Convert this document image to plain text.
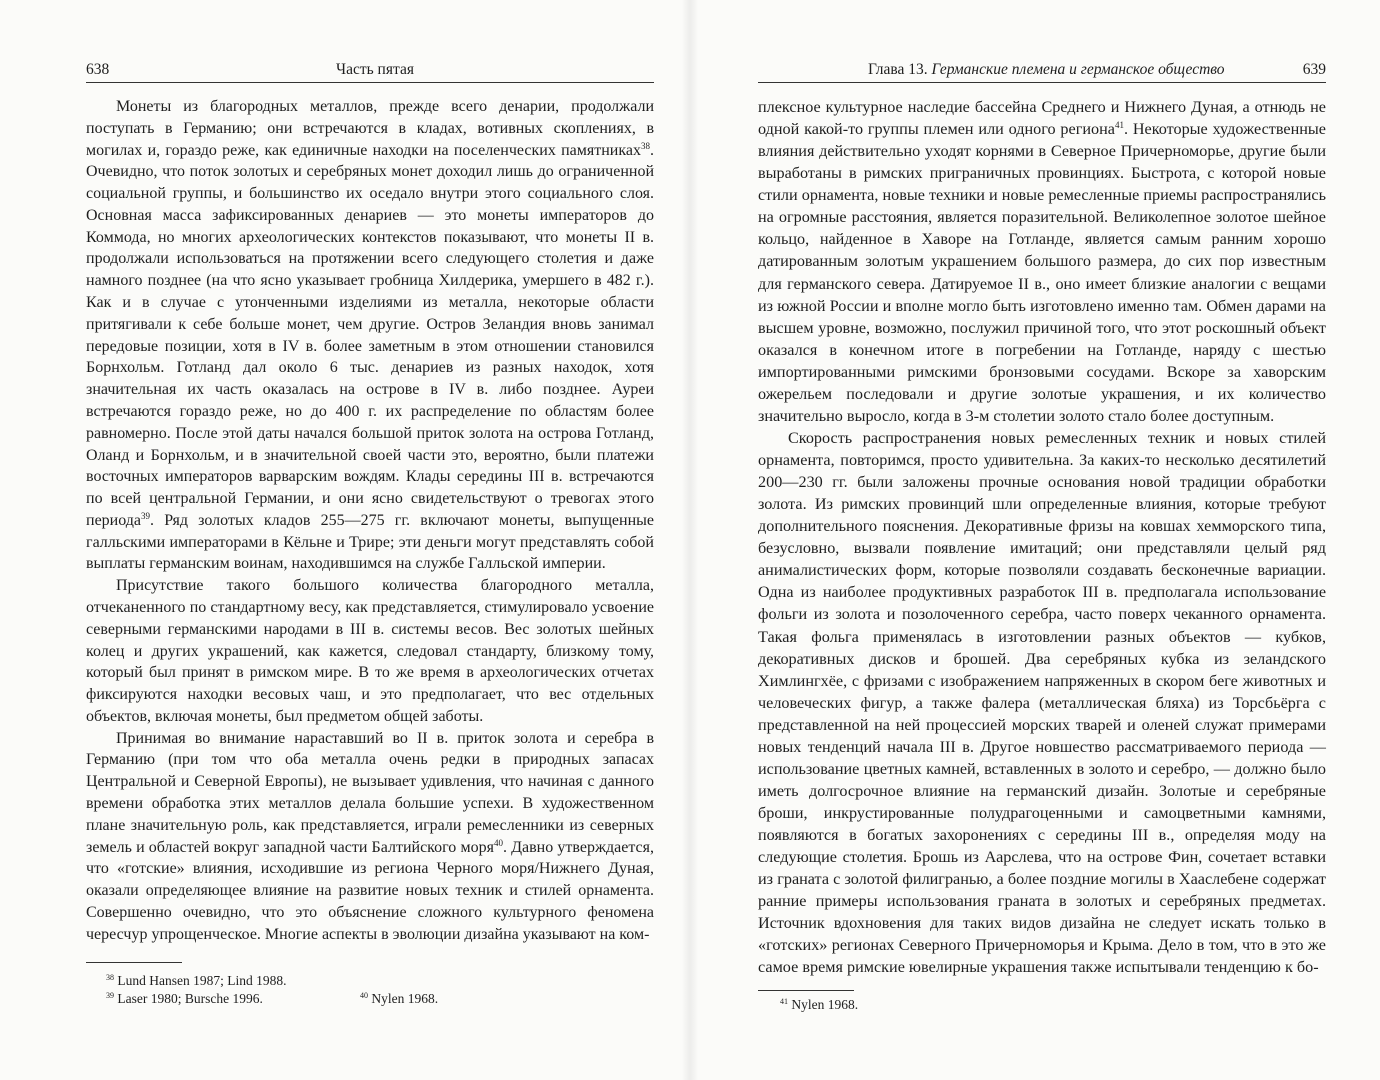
638	Часть пятая

Монеты из благородных металлов, прежде всего денарии, продолжали поступать в Германию; они встречаются в кладах, вотивных скоплениях, в могилах и, гораздо реже, как единичные находки на поселенческих памятниках$^{38}$. Очевидно, что поток золотых и серебряных монет доходил лишь до ограниченной социальной группы, и большинство их оседало внутри этого социального слоя. Основная масса зафиксированных денариев — это монеты императоров до Коммода, но многих археологических контекстов показывают, что монеты II в. продолжали использоваться на протяжении всего следующего столетия и даже намного позднее (на что ясно указывает гробница Хилдерика, умершего в 482 г.). Как и в случае с утонченными изделиями из металла, некоторые области притягивали к себе больше монет, чем другие. Остров Зеландия вновь занимал передовые позиции, хотя в IV в. более заметным в этом отношении становился Борнхольм. Готланд дал около 6 тыс. денариев из разных находок, хотя значительная их часть оказалась на острове в IV в. либо позднее. Ауреи встречаются гораздо реже, но до 400 г. их распределение по областям более равномерно. После этой даты начался большой приток золота на острова Готланд, Оланд и Борнхольм, и в значительной своей части это, вероятно, были платежи восточных императоров варварским вождям. Клады середины III в. встречаются по всей центральной Германии, и они ясно свидетельствуют о тревогах этого периода$^{39}$. Ряд золотых кладов 255—275 гг. включают монеты, выпущенные галльскими императорами в Кёльне и Трире; эти деньги могут представлять собой выплаты германским воинам, находившимся на службе Галльской империи.

Присутствие такого большого количества благородного металла, отчеканенного по стандартному весу, как представляется, стимулировало усвоение северными германскими народами в III в. системы весов. Вес золотых шейных колец и других украшений, как кажется, следовал стандарту, близкому тому, который был принят в римском мире. В то же время в археологических отчетах фиксируются находки весовых чаш, и это предполагает, что вес отдельных объектов, включая монеты, был предметом общей заботы.

Принимая во внимание нараставший во II в. приток золота и серебра в Германию (при том что оба металла очень редки в природных запасах Центральной и Северной Европы), не вызывает удивления, что начиная с данного времени обработка этих металлов делала большие успехи. В художественном плане значительную роль, как представляется, играли ремесленники из северных земель и областей вокруг западной части Балтийского моря$^{40}$. Давно утверждается, что «готские» влияния, исходившие из региона Черного моря/Нижнего Дуная, оказали определяющее влияние на развитие новых техник и стилей орнамента. Совершенно очевидно, что это объяснение сложного культурного феномена чересчур упрощенческое. Многие аспекты в эволюции дизайна указывают на ком-

$^{38}$ Lund Hansen 1987; Lind 1988.
$^{39}$ Laser 1980; Bursche 1996.	$^{40}$ Nylen 1968.
Глава 13. Германские племена и германское общество	639

плексное культурное наследие бассейна Среднего и Нижнего Дуная, а отнюдь не одной какой-то группы племен или одного региона$^{41}$. Некоторые художественные влияния действительно уходят корнями в Северное Причерноморье, другие были выработаны в римских приграничных провинциях. Быстрота, с которой новые стили орнамента, новые техники и новые ремесленные приемы распространялись на огромные расстояния, является поразительной. Великолепное золотое шейное кольцо, найденное в Хаворе на Готланде, является самым ранним хорошо датированным золотым украшением большого размера, до сих пор известным для германского севера. Датируемое II в., оно имеет близкие аналогии с вещами из южной России и вполне могло быть изготовлено именно там. Обмен дарами на высшем уровне, возможно, послужил причиной того, что этот роскошный объект оказался в конечном итоге в погребении на Готланде, наряду с шестью импортированными римскими бронзовыми сосудами. Вскоре за хаворским ожерельем последовали и другие золотые украшения, и их количество значительно выросло, когда в 3-м столетии золото стало более доступным.

Скорость распространения новых ремесленных техник и новых стилей орнамента, повторимся, просто удивительна. За каких-то несколько десятилетий 200—230 гг. были заложены прочные основания новой традиции обработки золота. Из римских провинций шли определенные влияния, которые требуют дополнительного пояснения. Декоративные фризы на ковшах хемморского типа, безусловно, вызвали появление имитаций; они представляли целый ряд анималистических форм, которые позволяли создавать бесконечные вариации. Одна из наиболее продуктивных разработок III в. предполагала использование фольги из золота и позолоченного серебра, часто поверх чеканного орнамента. Такая фольга применялась в изготовлении разных объектов — кубков, декоративных дисков и брошей. Два серебряных кубка из зеландского Химлингхёе, с фризами с изображением напряженных в скором беге животных и человеческих фигур, а также фалера (металлическая бляха) из Торсбьёрга с представленной на ней процессией морских тварей и оленей служат примерами новых тенденций начала III в. Другое новшество рассматриваемого периода — использование цветных камней, вставленных в золото и серебро, — должно было иметь долгосрочное влияние на германский дизайн. Золотые и серебряные броши, инкрустированные полудрагоценными и самоцветными камнями, появляются в богатых захоронениях с середины III в., определяя моду на следующие столетия. Брошь из Аарслева, что на острове Фин, сочетает вставки из граната с золотой филигранью, а более поздние могилы в Хааслебене содержат ранние примеры использования граната в золотых и серебряных предметах. Источник вдохновения для таких видов дизайна не следует искать только в «готских» регионах Северного Причерноморья и Крыма. Дело в том, что в это же самое время римские ювелирные украшения также испытывали тенденцию к бо-

$^{41}$ Nylen 1968.
